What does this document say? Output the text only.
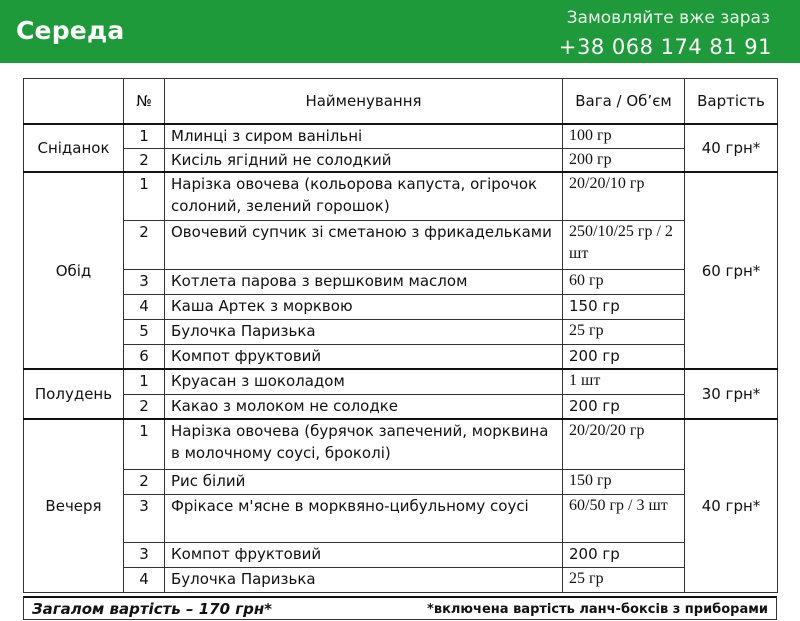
Середа	Замовляйте вже зараз
+38 068 174 81 91
	№	Найменування	Вага / Об’єм	Вартість
Сніданок	1	Млинці з сиром ванільні	100 гр	40 грн*
	2	Кисіль ягідний не солодкий	200 гр	
Обід	1	Нарізка овочева (кольорова капуста, огірочок солоний, зелений горошок)	20/20/10 гр	60 грн*
	2	Овочевий супчик зі сметаною з фрикадельками	250/10/25 гр / 2 шт	
	3	Котлета парова з вершковим маслом	60 гр	
	4	Каша Артек з морквою	150 гр	
	5	Булочка Паризька	25 гр	
	6	Компот фруктовий	200 гр	
Полудень	1	Круасан з шоколадом	1 шт	30 грн*
	2	Какао з молоком не солодке	200 гр	
Вечеря	1	Нарізка овочева (бурячок запечений, морквина в молочному соусі, броколі)	20/20/20 гр	40 грн*
	2	Рис білий	150 гр	
	3	Фрікасе м'ясне в морквяно-цибульному соусі	60/50 гр / 3 шт	
	3	Компот фруктовий	200 гр	
	4	Булочка Паризька	25 гр	
Загалом вартість – 170 грн*	*включена вартість ланч-боксів з приборами
